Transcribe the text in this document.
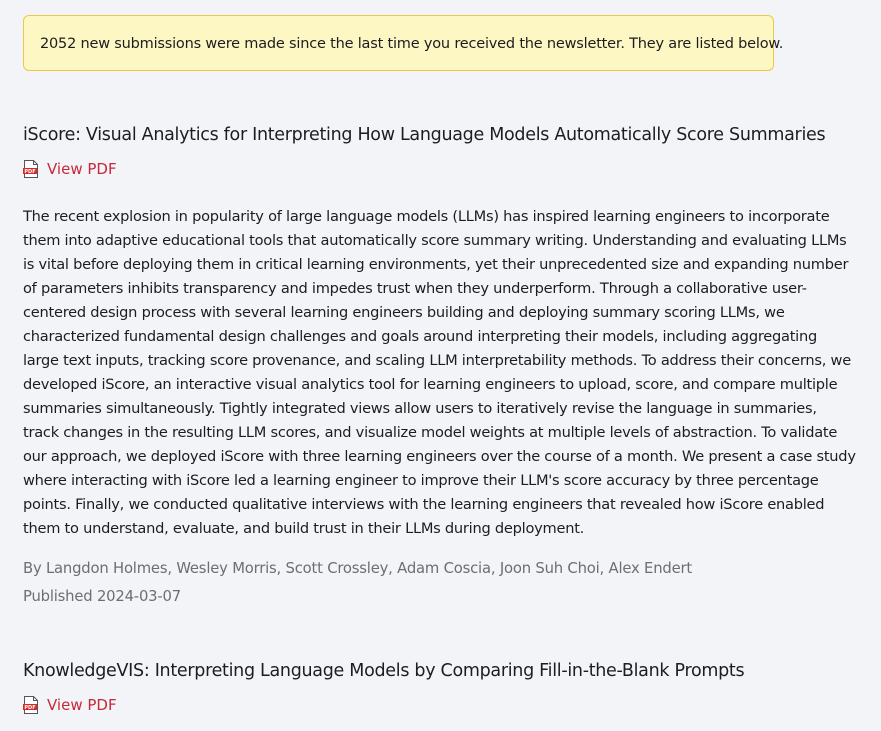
2052 new submissions were made since the last time you received the newsletter. They are listed below.
iScore: Visual Analytics for Interpreting How Language Models Automatically Score Summaries
PDF View PDF

The recent explosion in popularity of large language models (LLMs) has inspired learning engineers to incorporate them into adaptive educational tools that automatically score summary writing. Understanding and evaluating LLMs is vital before deploying them in critical learning environments, yet their unprecedented size and expanding number of parameters inhibits transparency and impedes trust when they underperform. Through a collaborative user-centered design process with several learning engineers building and deploying summary scoring LLMs, we characterized fundamental design challenges and goals around interpreting their models, including aggregating large text inputs, tracking score provenance, and scaling LLM interpretability methods. To address their concerns, we developed iScore, an interactive visual analytics tool for learning engineers to upload, score, and compare multiple summaries simultaneously. Tightly integrated views allow users to iteratively revise the language in summaries, track changes in the resulting LLM scores, and visualize model weights at multiple levels of abstraction. To validate our approach, we deployed iScore with three learning engineers over the course of a month. We present a case study where interacting with iScore led a learning engineer to improve their LLM's score accuracy by three percentage points. Finally, we conducted qualitative interviews with the learning engineers that revealed how iScore enabled them to understand, evaluate, and build trust in their LLMs during deployment.

By Langdon Holmes, Wesley Morris, Scott Crossley, Adam Coscia, Joon Suh Choi, Alex Endert
Published 2024-03-07
KnowledgeVIS: Interpreting Language Models by Comparing Fill-in-the-Blank Prompts
PDF View PDF
